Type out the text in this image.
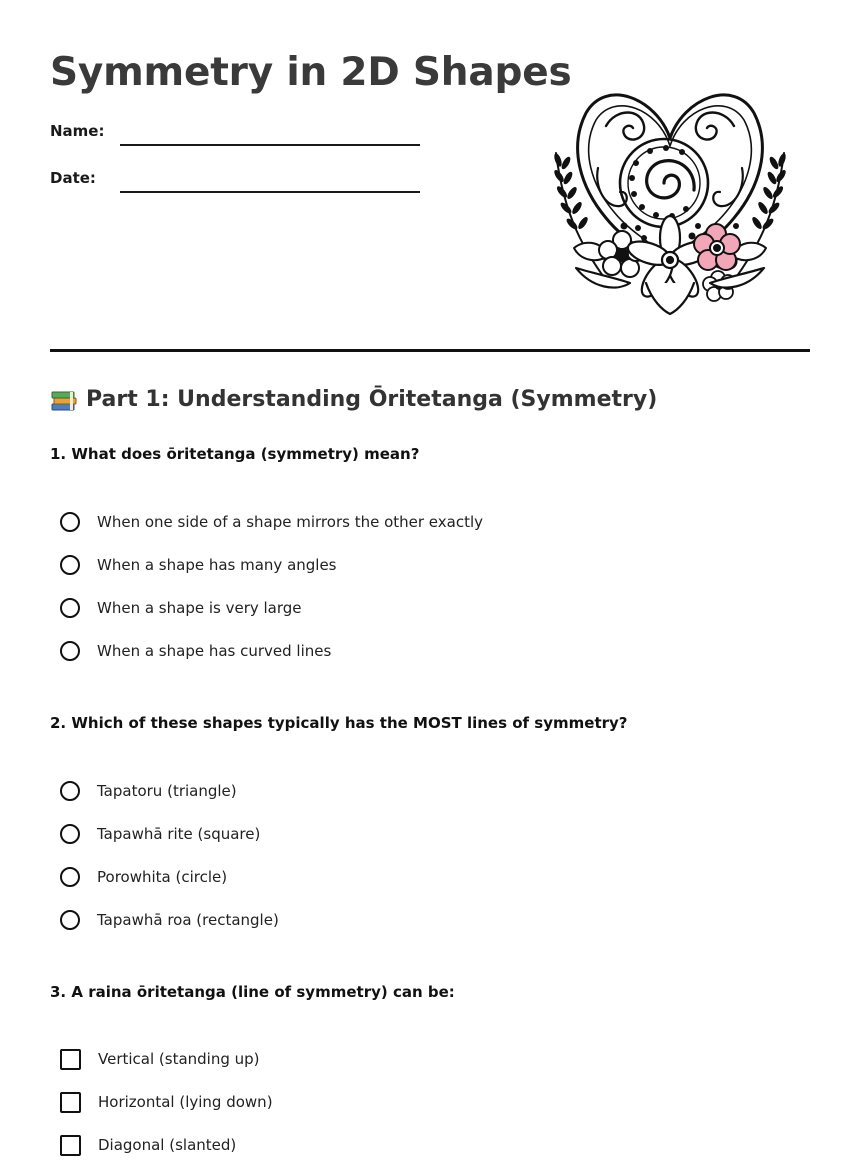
Symmetry in 2D Shapes
Name:
Date:
Part 1: Understanding Ōritetanga (Symmetry)
1. What does ōritetanga (symmetry) mean?
When one side of a shape mirrors the other exactly
When a shape has many angles
When a shape is very large
When a shape has curved lines
2. Which of these shapes typically has the MOST lines of symmetry?
Tapatoru (triangle)
Tapawhā rite (square)
Porowhita (circle)
Tapawhā roa (rectangle)
3. A raina ōritetanga (line of symmetry) can be:
Vertical (standing up)
Horizontal (lying down)
Diagonal (slanted)
